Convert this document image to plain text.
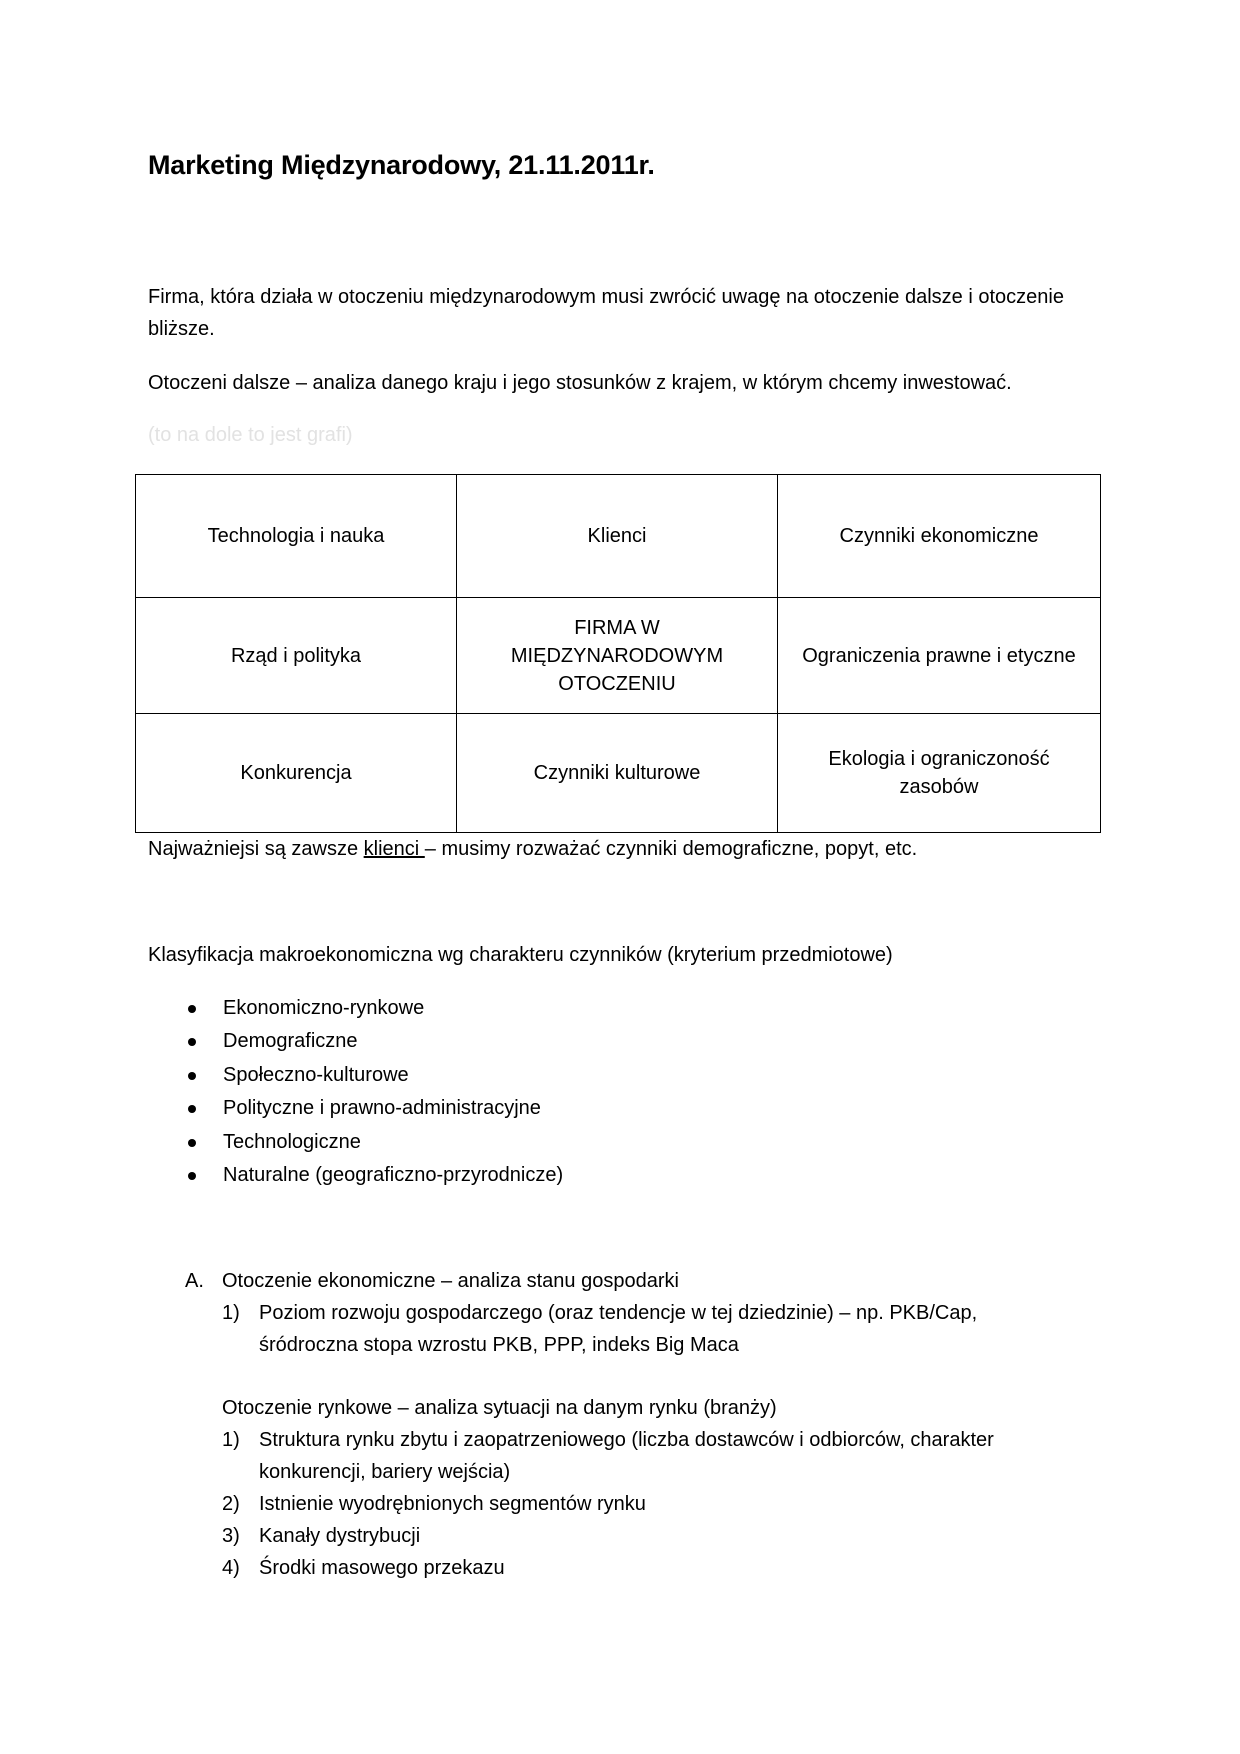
Marketing Międzynarodowy, 21.11.2011r.
Firma, która działa w otoczeniu międzynarodowym musi zwrócić uwagę na otoczenie dalsze i otoczenie bliższe.
Otoczeni dalsze – analiza danego kraju i jego stosunków z krajem, w którym chcemy inwestować.
(to na dole to jest grafi)
Technologia i nauka	Klienci	Czynniki ekonomiczne
Rząd i polityka	FIRMA W MIĘDZYNARODOWYM OTOCZENIU	Ograniczenia prawne i etyczne
Konkurencja	Czynniki kulturowe	Ekologia i ograniczoność zasobów
Najważniejsi są zawsze klienci – musimy rozważać czynniki demograficzne, popyt, etc.
Klasyfikacja makroekonomiczna wg charakteru czynników (kryterium przedmiotowe)
Ekonomiczno-rynkowe
Demograficzne
Społeczno-kulturowe
Polityczne i prawno-administracyjne
Technologiczne
Naturalne (geograficzno-przyrodnicze)
A. Otoczenie ekonomiczne – analiza stanu gospodarki
1) Poziom rozwoju gospodarczego (oraz tendencje w tej dziedzinie) – np. PKB/Cap, śródroczna stopa wzrostu PKB, PPP, indeks Big Maca
Otoczenie rynkowe – analiza sytuacji na danym rynku (branży)
1) Struktura rynku zbytu i zaopatrzeniowego (liczba dostawców i odbiorców, charakter konkurencji, bariery wejścia)
2) Istnienie wyodrębnionych segmentów rynku
3) Kanały dystrybucji
4) Środki masowego przekazu
